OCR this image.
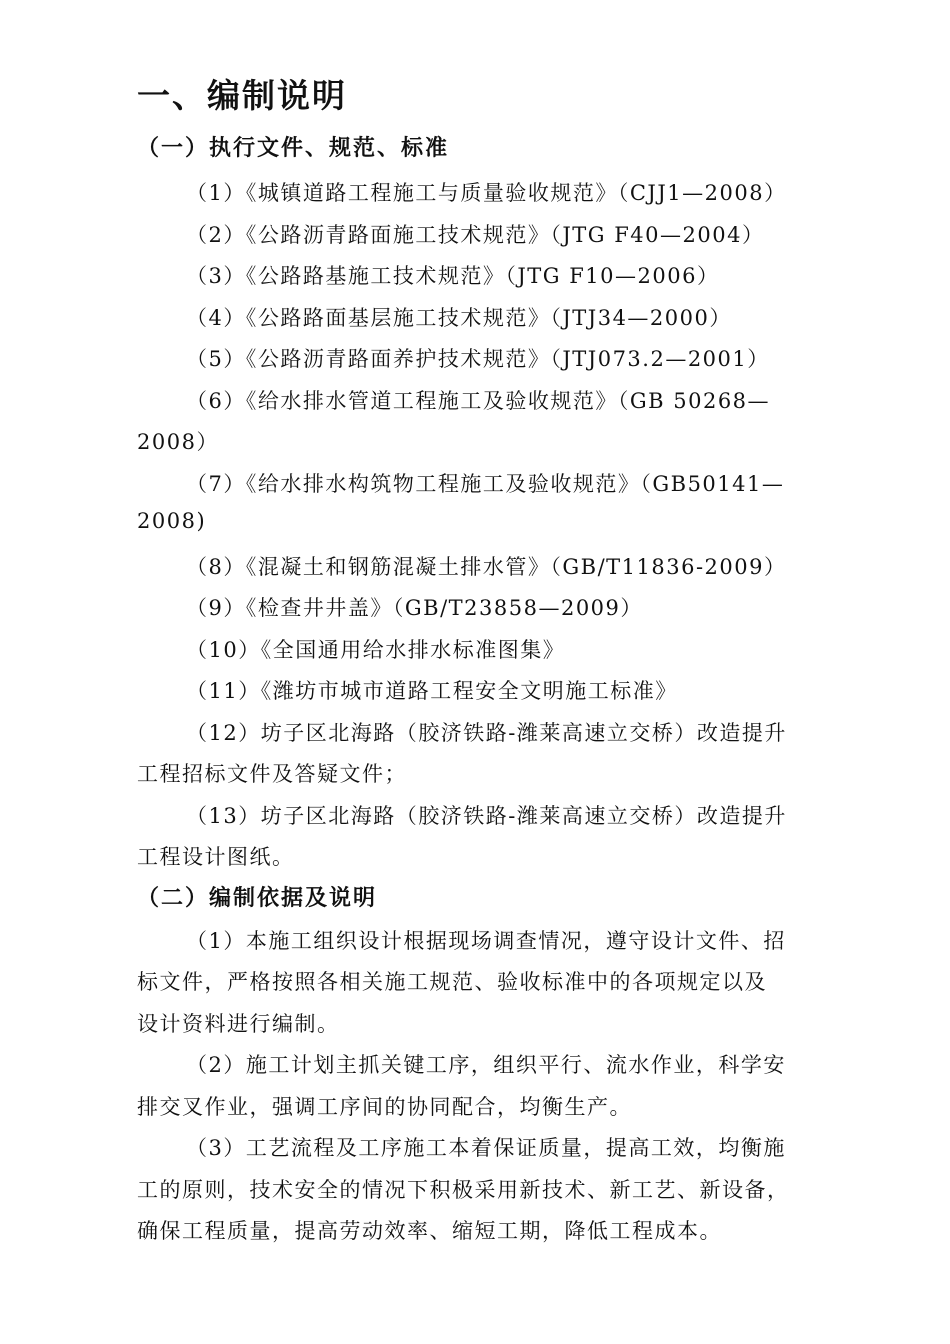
一、编制说明
（一）执行文件、规范、标准
（1）《城镇道路工程施工与质量验收规范》（CJJ1—2008）
（2）《公路沥青路面施工技术规范》（JTG F40—2004）
（3）《公路路基施工技术规范》（JTG F10—2006）
（4）《公路路面基层施工技术规范》（JTJ34—2000）
（5）《公路沥青路面养护技术规范》（JTJ073.2—2001）
（6）《给水排水管道工程施工及验收规范》（GB 50268—
2008）
（7）《给水排水构筑物工程施工及验收规范》（GB50141—
2008)
（8）《混凝土和钢筋混凝土排水管》（GB/T11836-2009）
（9）《检查井井盖》（GB/T23858—2009）
（10）《全国通用给水排水标准图集》
（11）《潍坊市城市道路工程安全文明施工标准》
（12）坊子区北海路（胶济铁路-潍莱高速立交桥）改造提升
工程招标文件及答疑文件；
（13）坊子区北海路（胶济铁路-潍莱高速立交桥）改造提升
工程设计图纸。
（二）编制依据及说明
（1）本施工组织设计根据现场调查情况，遵守设计文件、招
标文件，严格按照各相关施工规范、验收标准中的各项规定以及
设计资料进行编制。
（2）施工计划主抓关键工序，组织平行、流水作业，科学安
排交叉作业，强调工序间的协同配合，均衡生产。
（3）工艺流程及工序施工本着保证质量，提高工效，均衡施
工的原则，技术安全的情况下积极采用新技术、新工艺、新设备，
确保工程质量，提高劳动效率、缩短工期，降低工程成本。
